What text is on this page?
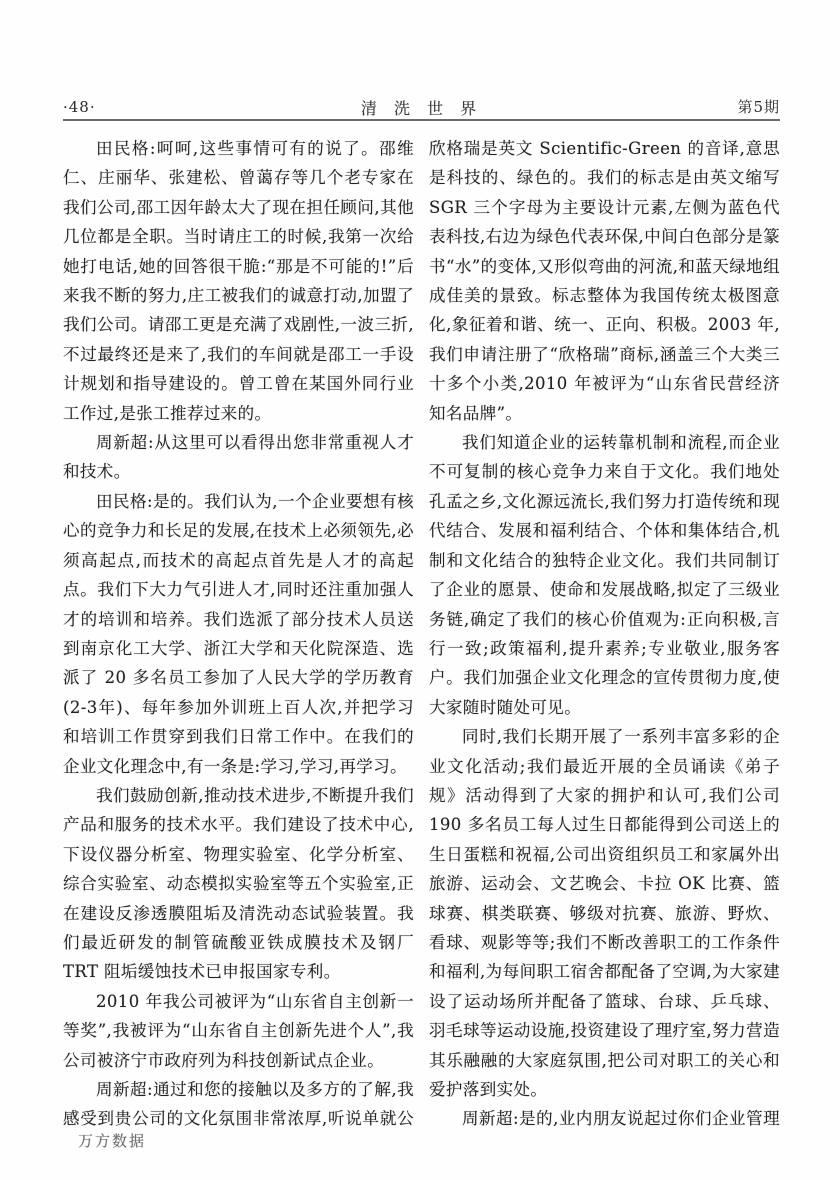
·48·	清 洗 世 界	第5期

田民格:呵呵,这些事情可有的说了。邵维仁、庄丽华、张建松、曾蔼存等几个老专家在我们公司,邵工因年龄太大了现在担任顾问,其他几位都是全职。当时请庄工的时候,我第一次给她打电话,她的回答很干脆:“那是不可能的!”后来我不断的努力,庄工被我们的诚意打动,加盟了我们公司。请邵工更是充满了戏剧性,一波三折,不过最终还是来了,我们的车间就是邵工一手设计规划和指导建设的。曾工曾在某国外同行业工作过,是张工推荐过来的。

周新超:从这里可以看得出您非常重视人才和技术。

田民格:是的。我们认为,一个企业要想有核心的竞争力和长足的发展,在技术上必须领先,必须高起点,而技术的高起点首先是人才的高起点。我们下大力气引进人才,同时还注重加强人才的培训和培养。我们选派了部分技术人员送到南京化工大学、浙江大学和天化院深造、选派了 20 多名员工参加了人民大学的学历教育(2-3年)、每年参加外训班上百人次,并把学习和培训工作贯穿到我们日常工作中。在我们的企业文化理念中,有一条是:学习,学习,再学习。

我们鼓励创新,推动技术进步,不断提升我们产品和服务的技术水平。我们建设了技术中心,下设仪器分析室、物理实验室、化学分析室、综合实验室、动态模拟实验室等五个实验室,正在建设反渗透膜阻垢及清洗动态试验装置。我们最近研发的制管硫酸亚铁成膜技术及钢厂 TRT 阻垢缓蚀技术已申报国家专利。

2010 年我公司被评为“山东省自主创新一等奖”,我被评为“山东省自主创新先进个人”,我公司被济宁市政府列为科技创新试点企业。

周新超:通过和您的接触以及多方的了解,我感受到贵公司的文化氛围非常浓厚,听说单就公

欣格瑞是英文 Scientific-Green 的音译,意思是科技的、绿色的。我们的标志是由英文缩写 SGR 三个字母为主要设计元素,左侧为蓝色代表科技,右边为绿色代表环保,中间白色部分是篆书“水”的变体,又形似弯曲的河流,和蓝天绿地组成佳美的景致。标志整体为我国传统太极图意化,象征着和谐、统一、正向、积极。2003 年,我们申请注册了“欣格瑞”商标,涵盖三个大类三十多个小类,2010 年被评为“山东省民营经济知名品牌”。

我们知道企业的运转靠机制和流程,而企业不可复制的核心竞争力来自于文化。我们地处孔孟之乡,文化源远流长,我们努力打造传统和现代结合、发展和福利结合、个体和集体结合,机制和文化结合的独特企业文化。我们共同制订了企业的愿景、使命和发展战略,拟定了三级业务链,确定了我们的核心价值观为:正向积极,言行一致;政策福利,提升素养;专业敬业,服务客户。我们加强企业文化理念的宣传贯彻力度,使大家随时随处可见。

同时,我们长期开展了一系列丰富多彩的企业文化活动;我们最近开展的全员诵读《弟子规》活动得到了大家的拥护和认可,我们公司 190 多名员工每人过生日都能得到公司送上的生日蛋糕和祝福,公司出资组织员工和家属外出旅游、运动会、文艺晚会、卡拉 OK 比赛、篮球赛、棋类联赛、够级对抗赛、旅游、野炊、看球、观影等等;我们不断改善职工的工作条件和福利,为每间职工宿舍都配备了空调,为大家建设了运动场所并配备了篮球、台球、乒乓球、羽毛球等运动设施,投资建设了理疗室,努力营造其乐融融的大家庭氛围,把公司对职工的关心和爱护落到实处。

周新超:是的,业内朋友说起过你们企业管理

万方数据
